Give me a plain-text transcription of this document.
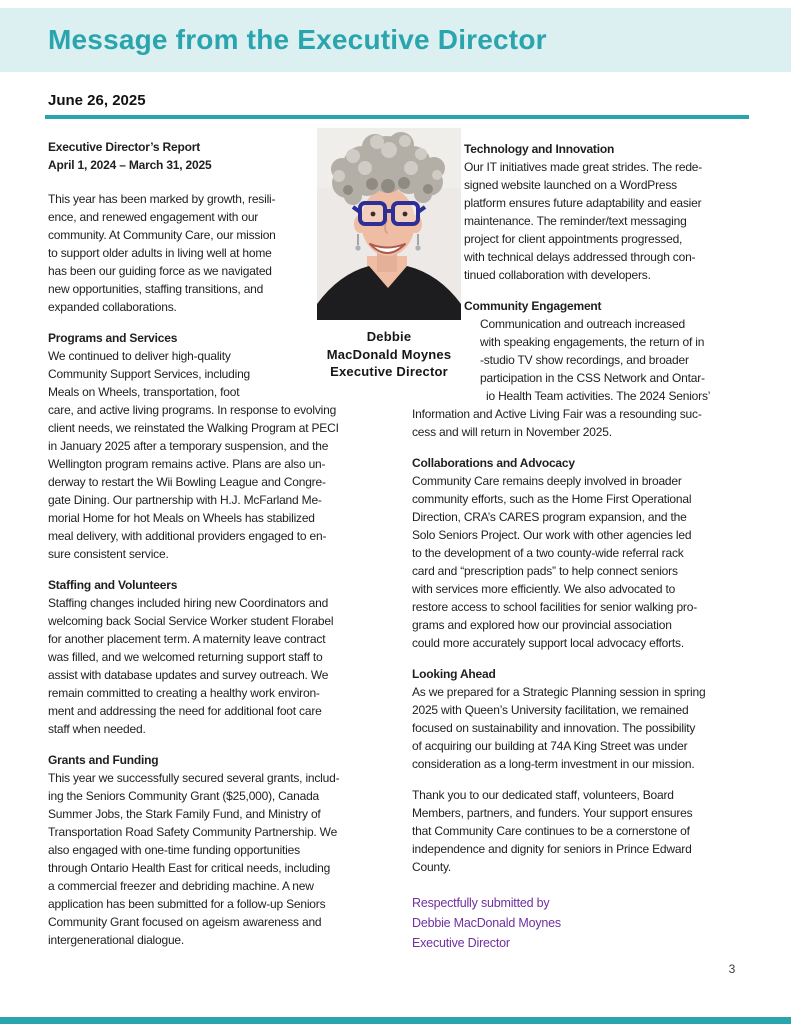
Message from the Executive Director
June 26, 2025
Executive Director’s Report
April 1, 2024 – March 31, 2025
This year has been marked by growth, resili-
ence, and renewed engagement with our
community. At Community Care, our mission
to support older adults in living well at home
has been our guiding force as we navigated
new opportunities, staffing transitions, and
expanded collaborations.
Programs and Services
We continued to deliver high-quality
Community Support Services, including
Meals on Wheels, transportation, foot
care, and active living programs. In response to evolving
client needs, we reinstated the Walking Program at PECI
in January 2025 after a temporary suspension, and the
Wellington program remains active. Plans are also un-
derway to restart the Wii Bowling League and Congre-
gate Dining. Our partnership with H.J. McFarland Me-
morial Home for hot Meals on Wheels has stabilized
meal delivery, with additional providers engaged to en-
sure consistent service.
Staffing and Volunteers
Staffing changes included hiring new Coordinators and
welcoming back Social Service Worker student Florabel
for another placement term. A maternity leave contract
was filled, and we welcomed returning support staff to
assist with database updates and survey outreach. We
remain committed to creating a healthy work environ-
ment and addressing the need for additional foot care
staff when needed.
Grants and Funding
This year we successfully secured several grants, includ-
ing the Seniors Community Grant ($25,000), Canada
Summer Jobs, the Stark Family Fund, and Ministry of
Transportation Road Safety Community Partnership. We
also engaged with one-time funding opportunities
through Ontario Health East for critical needs, including
a commercial freezer and debriding machine. A new
application has been submitted for a follow-up Seniors
Community Grant focused on ageism awareness and
intergenerational dialogue.
Technology and Innovation
Our IT initiatives made great strides. The rede-
signed website launched on a WordPress
platform ensures future adaptability and easier
maintenance. The reminder/text messaging
project for client appointments progressed,
with technical delays addressed through con-
tinued collaboration with developers.
Community Engagement
Communication and outreach increased
with speaking engagements, the return of in
-studio TV show recordings, and broader
participation in the CSS Network and Ontar-
io Health Team activities. The 2024 Seniors’
Information and Active Living Fair was a resounding suc-
cess and will return in November 2025.
Collaborations and Advocacy
Community Care remains deeply involved in broader
community efforts, such as the Home First Operational
Direction, CRA’s CARES program expansion, and the
Solo Seniors Project. Our work with other agencies led
to the development of a two county-wide referral rack
card and “prescription pads” to help connect seniors
with services more efficiently. We also advocated to
restore access to school facilities for senior walking pro-
grams and explored how our provincial association
could more accurately support local advocacy efforts.
Looking Ahead
As we prepared for a Strategic Planning session in spring
2025 with Queen’s University facilitation, we remained
focused on sustainability and innovation. The possibility
of acquiring our building at 74A King Street was under
consideration as a long-term investment in our mission.
Thank you to our dedicated staff, volunteers, Board
Members, partners, and funders. Your support ensures
that Community Care continues to be a cornerstone of
independence and dignity for seniors in Prince Edward
County.
Respectfully submitted by
Debbie MacDonald Moynes
Executive Director
Debbie
MacDonald Moynes
Executive Director
3
